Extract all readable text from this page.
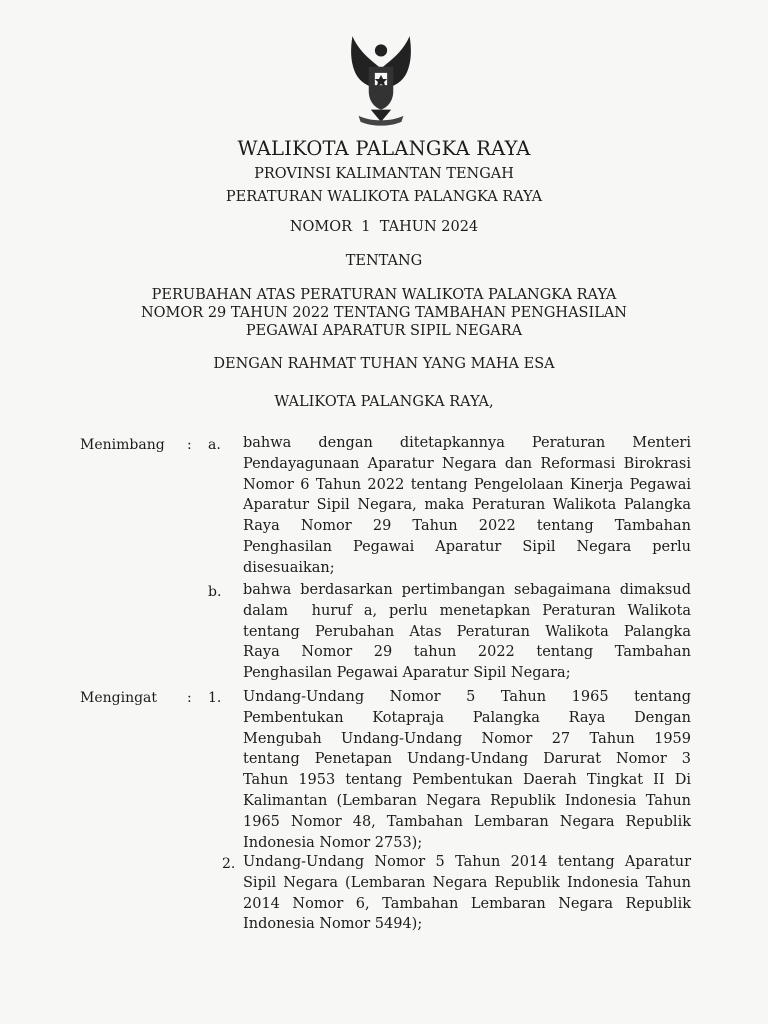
WALIKOTA PALANGKA RAYA
PROVINSI KALIMANTAN TENGAH
PERATURAN WALIKOTA PALANGKA RAYA
NOMOR  1  TAHUN 2024
TENTANG
PERUBAHAN ATAS PERATURAN WALIKOTA PALANGKA RAYA
NOMOR 29 TAHUN 2022 TENTANG TAMBAHAN PENGHASILAN
PEGAWAI APARATUR SIPIL NEGARA
DENGAN RAHMAT TUHAN YANG MAHA ESA
WALIKOTA PALANGKA RAYA,
Menimbang : a. bahwa dengan ditetapkannya Peraturan Menteri
Pendayagunaan Aparatur Negara dan Reformasi Birokrasi
Nomor 6 Tahun 2022 tentang Pengelolaan Kinerja Pegawai
Aparatur Sipil Negara, maka Peraturan Walikota Palangka
Raya Nomor 29 Tahun 2022 tentang Tambahan
Penghasilan Pegawai Aparatur Sipil Negara perlu
disesuaikan;
b. bahwa berdasarkan pertimbangan sebagaimana dimaksud
dalam  huruf a, perlu menetapkan Peraturan Walikota
tentang Perubahan Atas Peraturan Walikota Palangka
Raya Nomor 29 tahun 2022 tentang Tambahan
Penghasilan Pegawai Aparatur Sipil Negara;
Mengingat : 1. Undang-Undang Nomor 5 Tahun 1965 tentang
Pembentukan Kotapraja Palangka Raya Dengan
Mengubah Undang-Undang Nomor 27 Tahun 1959
tentang Penetapan Undang-Undang Darurat Nomor 3
Tahun 1953 tentang Pembentukan Daerah Tingkat II Di
Kalimantan (Lembaran Negara Republik Indonesia Tahun
1965 Nomor 48, Tambahan Lembaran Negara Republik
Indonesia Nomor 2753);
2. Undang-Undang Nomor 5 Tahun 2014 tentang Aparatur
Sipil Negara (Lembaran Negara Republik Indonesia Tahun
2014 Nomor 6, Tambahan Lembaran Negara Republik
Indonesia Nomor 5494);
